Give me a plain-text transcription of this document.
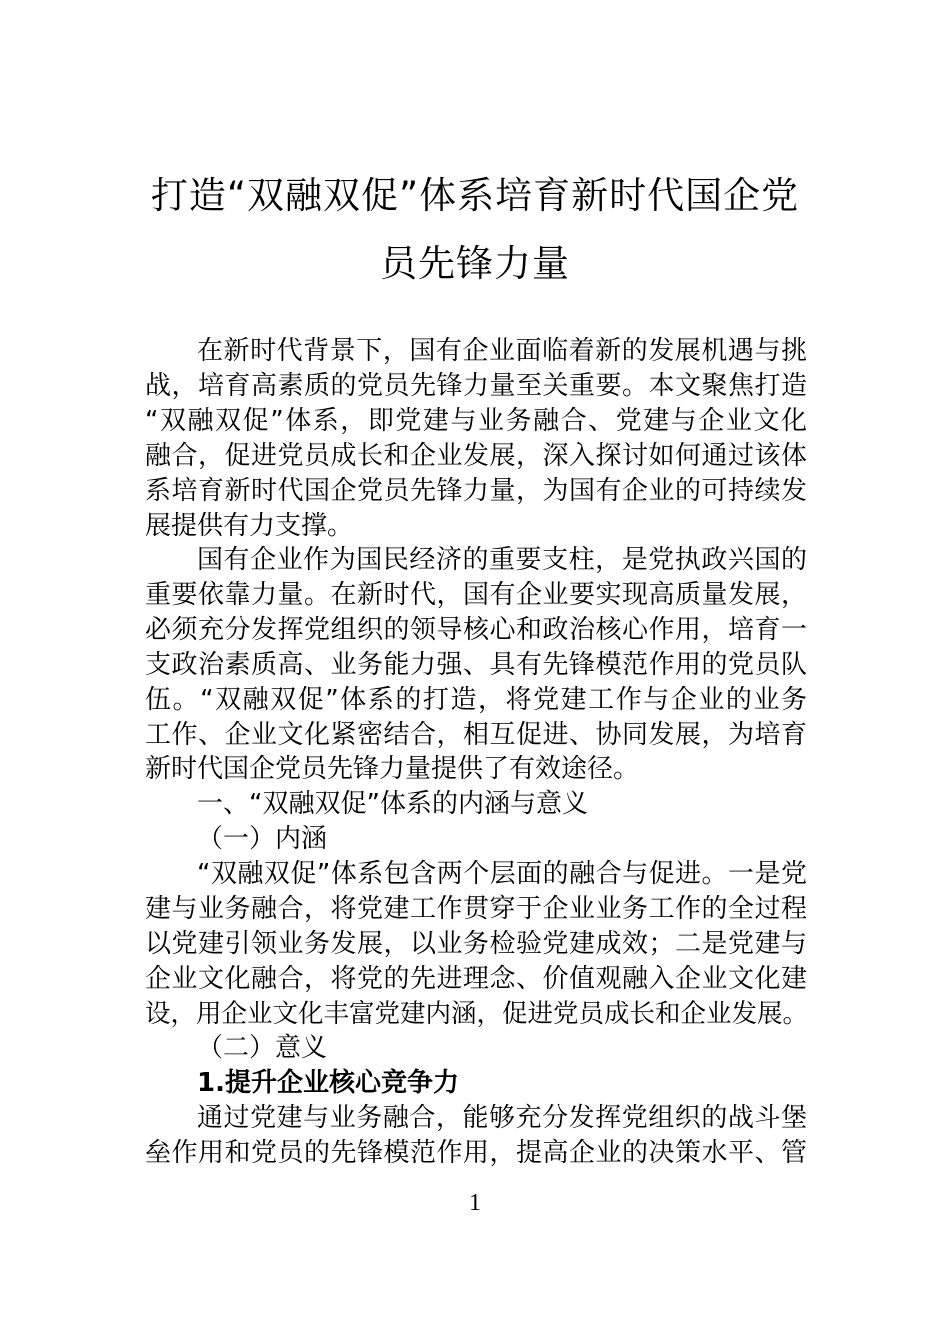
打造“双融双促”体系培育新时代国企党
员先锋力量
在新时代背景下，国有企业面临着新的发展机遇与挑
战，培育高素质的党员先锋力量至关重要。本文聚焦打造
“双融双促”体系，即党建与业务融合、党建与企业文化
融合，促进党员成长和企业发展，深入探讨如何通过该体
系培育新时代国企党员先锋力量，为国有企业的可持续发
展提供有力支撑。
国有企业作为国民经济的重要支柱，是党执政兴国的
重要依靠力量。在新时代，国有企业要实现高质量发展，
必须充分发挥党组织的领导核心和政治核心作用，培育一
支政治素质高、业务能力强、具有先锋模范作用的党员队
伍。“双融双促”体系的打造，将党建工作与企业的业务
工作、企业文化紧密结合，相互促进、协同发展，为培育
新时代国企党员先锋力量提供了有效途径。
一、“双融双促”体系的内涵与意义
（一）内涵
“双融双促”体系包含两个层面的融合与促进。一是党
建与业务融合，将党建工作贯穿于企业业务工作的全过程
以党建引领业务发展，以业务检验党建成效；二是党建与
企业文化融合，将党的先进理念、价值观融入企业文化建
设，用企业文化丰富党建内涵，促进党员成长和企业发展。
（二）意义
1.提升企业核心竞争力
通过党建与业务融合，能够充分发挥党组织的战斗堡
垒作用和党员的先锋模范作用，提高企业的决策水平、管
1
